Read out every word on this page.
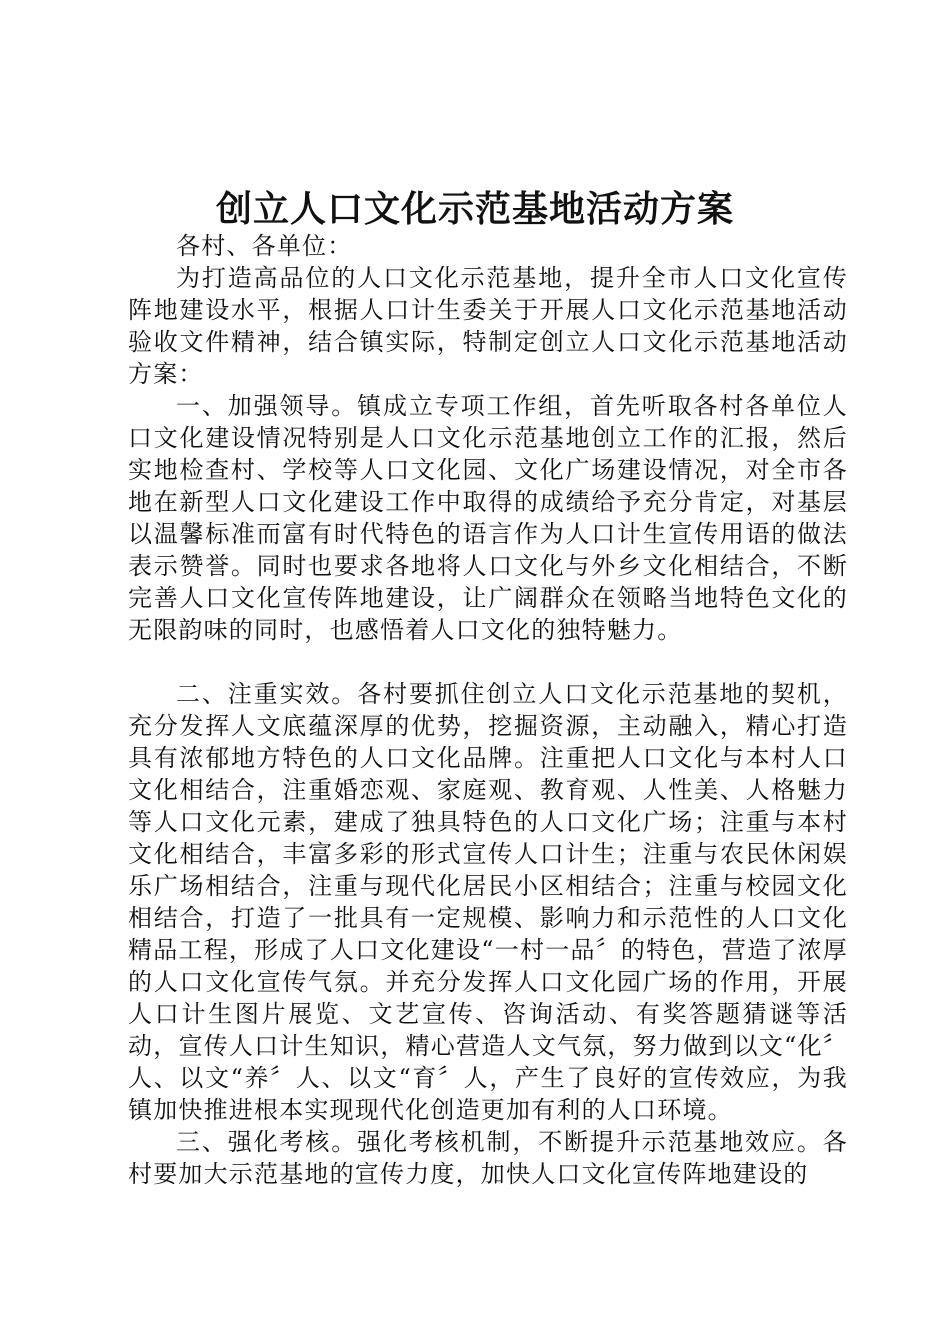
创立人口文化示范基地活动方案

各村、各单位：

为打造高品位的人口文化示范基地，提升全市人口文化宣传阵地建设水平，根据人口计生委关于开展人口文化示范基地活动验收文件精神，结合镇实际，特制定创立人口文化示范基地活动方案：

一、加强领导。镇成立专项工作组，首先听取各村各单位人口文化建设情况特别是人口文化示范基地创立工作的汇报，然后实地检查村、学校等人口文化园、文化广场建设情况，对全市各地在新型人口文化建设工作中取得的成绩给予充分肯定，对基层以温馨标准而富有时代特色的语言作为人口计生宣传用语的做法表示赞誉。同时也要求各地将人口文化与外乡文化相结合，不断完善人口文化宣传阵地建设，让广阔群众在领略当地特色文化的无限韵味的同时，也感悟着人口文化的独特魅力。

二、注重实效。各村要抓住创立人口文化示范基地的契机，充分发挥人文底蕴深厚的优势，挖掘资源，主动融入，精心打造具有浓郁地方特色的人口文化品牌。注重把人口文化与本村人口文化相结合，注重婚恋观、家庭观、教育观、人性美、人格魅力等人口文化元素，建成了独具特色的人口文化广场；注重与本村文化相结合，丰富多彩的形式宣传人口计生；注重与农民休闲娱乐广场相结合，注重与现代化居民小区相结合；注重与校园文化相结合，打造了一批具有一定规模、影响力和示范性的人口文化精品工程，形成了人口文化建设“一村一品〞的特色，营造了浓厚的人口文化宣传气氛。并充分发挥人口文化园广场的作用，开展人口计生图片展览、文艺宣传、咨询活动、有奖答题猜谜等活动，宣传人口计生知识，精心营造人文气氛，努力做到以文“化〞人、以文“养〞人、以文“育〞人，产生了良好的宣传效应，为我镇加快推进根本实现现代化创造更加有利的人口环境。

三、强化考核。强化考核机制，不断提升示范基地效应。各村要加大示范基地的宣传力度，加快人口文化宣传阵地建设的
